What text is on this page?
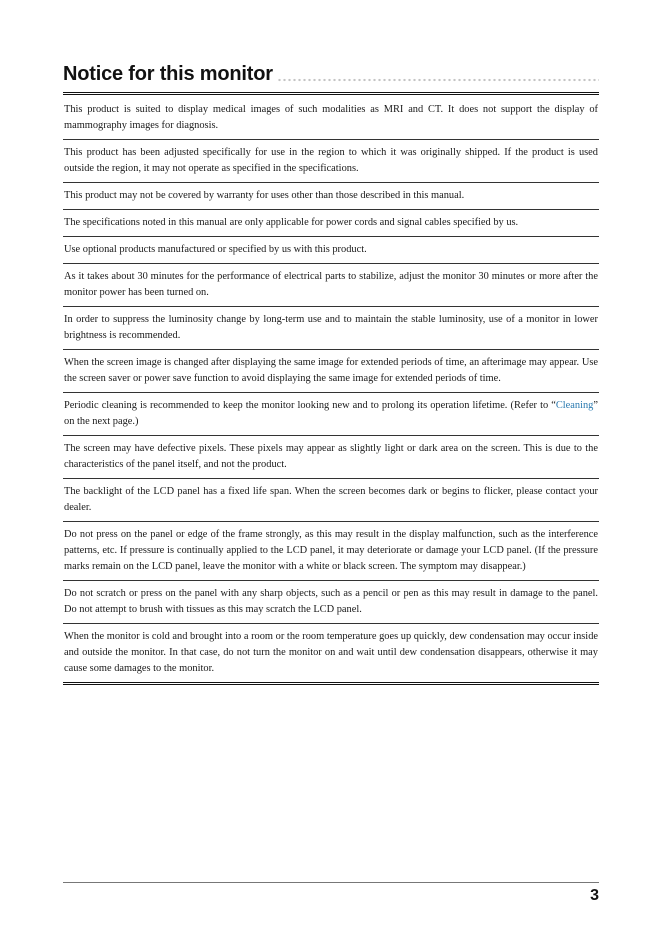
Notice for this monitor
This product is suited to display medical images of such modalities as MRI and CT. It does not support the display of mammography images for diagnosis.
This product has been adjusted specifically for use in the region to which it was originally shipped. If the product is used outside the region, it may not operate as specified in the specifications.
This product may not be covered by warranty for uses other than those described in this manual.
The specifications noted in this manual are only applicable for power cords and signal cables specified by us.
Use optional products manufactured or specified by us with this product.
As it takes about 30 minutes for the performance of electrical parts to stabilize, adjust the monitor 30 minutes or more after the monitor power has been turned on.
In order to suppress the luminosity change by long-term use and to maintain the stable luminosity, use of a monitor in lower brightness is recommended.
When the screen image is changed after displaying the same image for extended periods of time, an afterimage may appear. Use the screen saver or power save function to avoid displaying the same image for extended periods of time.
Periodic cleaning is recommended to keep the monitor looking new and to prolong its operation lifetime. (Refer to “Cleaning” on the next page.)
The screen may have defective pixels. These pixels may appear as slightly light or dark area on the screen. This is due to the characteristics of the panel itself, and not the product.
The backlight of the LCD panel has a fixed life span. When the screen becomes dark or begins to flicker, please contact your dealer.
Do not press on the panel or edge of the frame strongly, as this may result in the display malfunction, such as the interference patterns, etc. If pressure is continually applied to the LCD panel, it may deteriorate or damage your LCD panel. (If the pressure marks remain on the LCD panel, leave the monitor with a white or black screen. The symptom may disappear.)
Do not scratch or press on the panel with any sharp objects, such as a pencil or pen as this may result in damage to the panel. Do not attempt to brush with tissues as this may scratch the LCD panel.
When the monitor is cold and brought into a room or the room temperature goes up quickly, dew condensation may occur inside and outside the monitor. In that case, do not turn the monitor on and wait until dew condensation disappears, otherwise it may cause some damages to the monitor.
3
